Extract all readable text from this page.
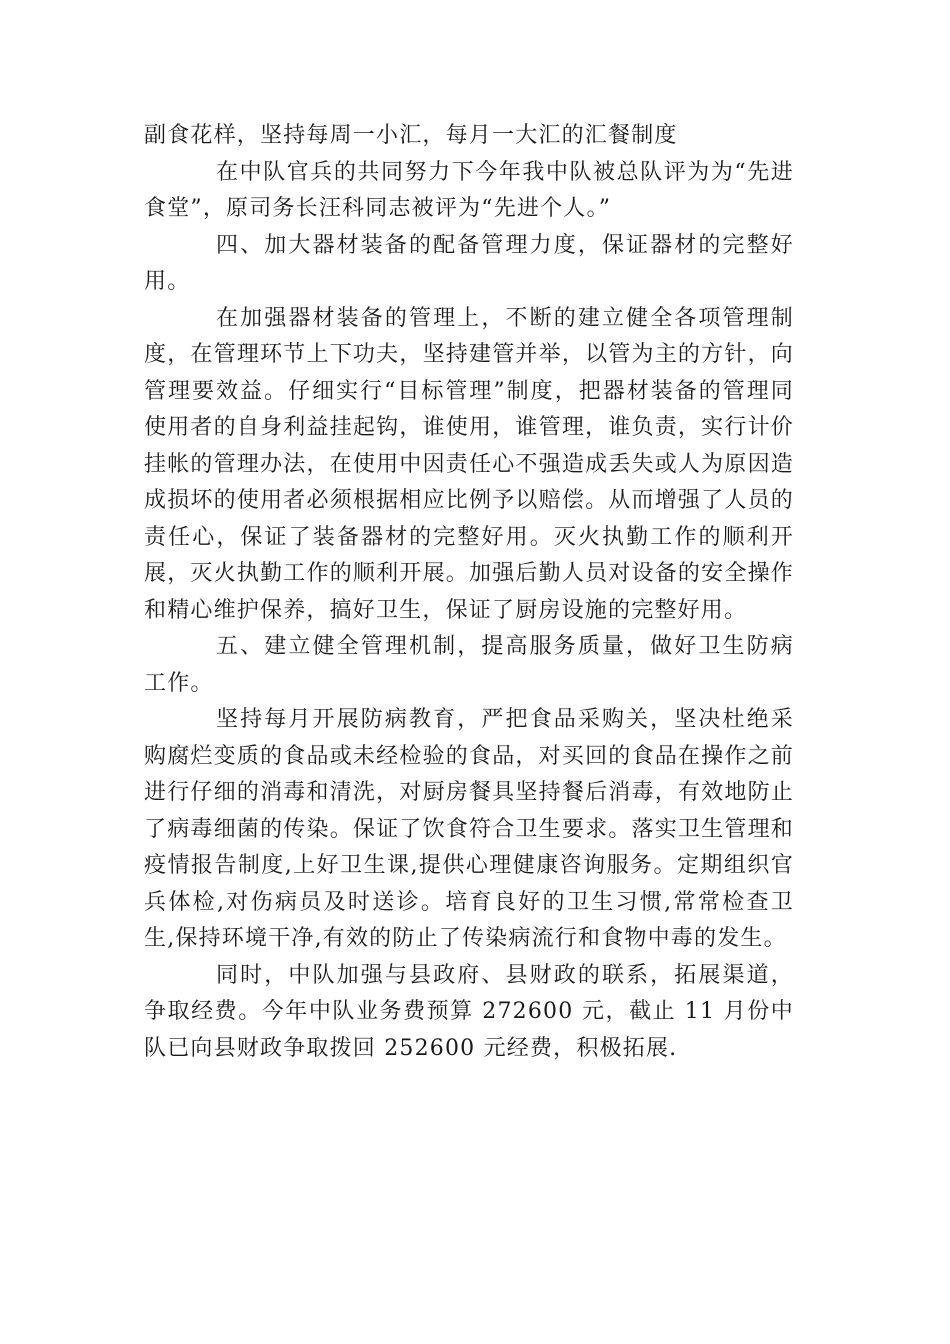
副食花样，坚持每周一小汇，每月一大汇的汇餐制度

在中队官兵的共同努力下今年我中队被总队评为为“先进食堂”，原司务长汪科同志被评为“先进个人。”

四、加大器材装备的配备管理力度，保证器材的完整好用。

在加强器材装备的管理上，不断的建立健全各项管理制度，在管理环节上下功夫，坚持建管并举，以管为主的方针，向管理要效益。仔细实行“目标管理”制度，把器材装备的管理同使用者的自身利益挂起钩，谁使用，谁管理，谁负责，实行计价挂帐的管理办法，在使用中因责任心不强造成丢失或人为原因造成损坏的使用者必须根据相应比例予以赔偿。从而增强了人员的责任心，保证了装备器材的完整好用。灭火执勤工作的顺利开展，灭火执勤工作的顺利开展。加强后勤人员对设备的安全操作和精心维护保养，搞好卫生，保证了厨房设施的完整好用。

五、建立健全管理机制，提高服务质量，做好卫生防病工作。

坚持每月开展防病教育，严把食品采购关，坚决杜绝采购腐烂变质的食品或未经检验的食品，对买回的食品在操作之前进行仔细的消毒和清洗，对厨房餐具坚持餐后消毒，有效地防止了病毒细菌的传染。保证了饮食符合卫生要求。落实卫生管理和疫情报告制度,上好卫生课,提供心理健康咨询服务。定期组织官兵体检,对伤病员及时送诊。培育良好的卫生习惯,常常检查卫生,保持环境干净,有效的防止了传染病流行和食物中毒的发生。

同时，中队加强与县政府、县财政的联系，拓展渠道，争取经费。今年中队业务费预算 272600 元，截止 11 月份中队已向县财政争取拨回 252600 元经费，积极拓展.
